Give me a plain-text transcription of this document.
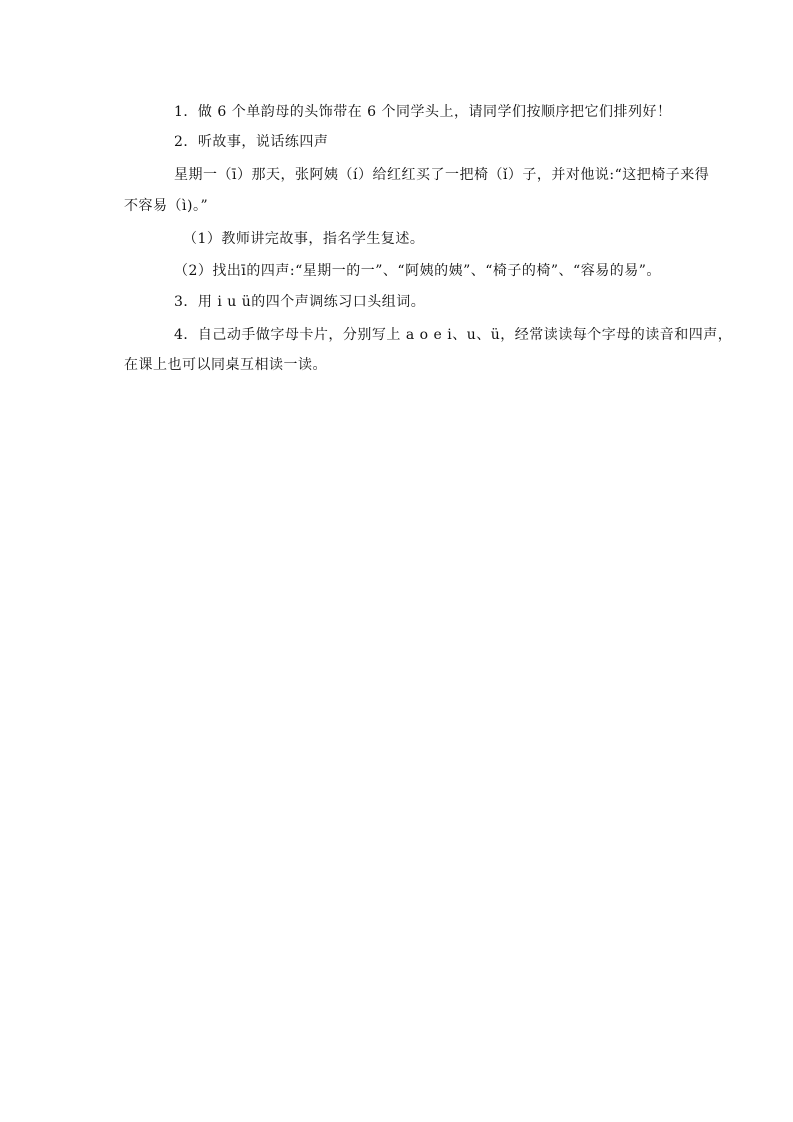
1．做 6 个单韵母的头饰带在 6 个同学头上，请同学们按顺序把它们排列好！
2．听故事，说话练四声
星期一（ī）那天，张阿姨（í）给红红买了一把椅（ǐ）子，并对他说:“这把椅子来得
不容易（ì)。”
（1）教师讲完故事，指名学生复述。
（2）找出ī的四声:“星期一的一”、“阿姨的姨”、“椅子的椅”、“容易的易”。
3．用 i u ü的四个声调练习口头组词。
4．自己动手做字母卡片，分别写上 a o e i、u、ü，经常读读每个字母的读音和四声，
在课上也可以同桌互相读一读。
